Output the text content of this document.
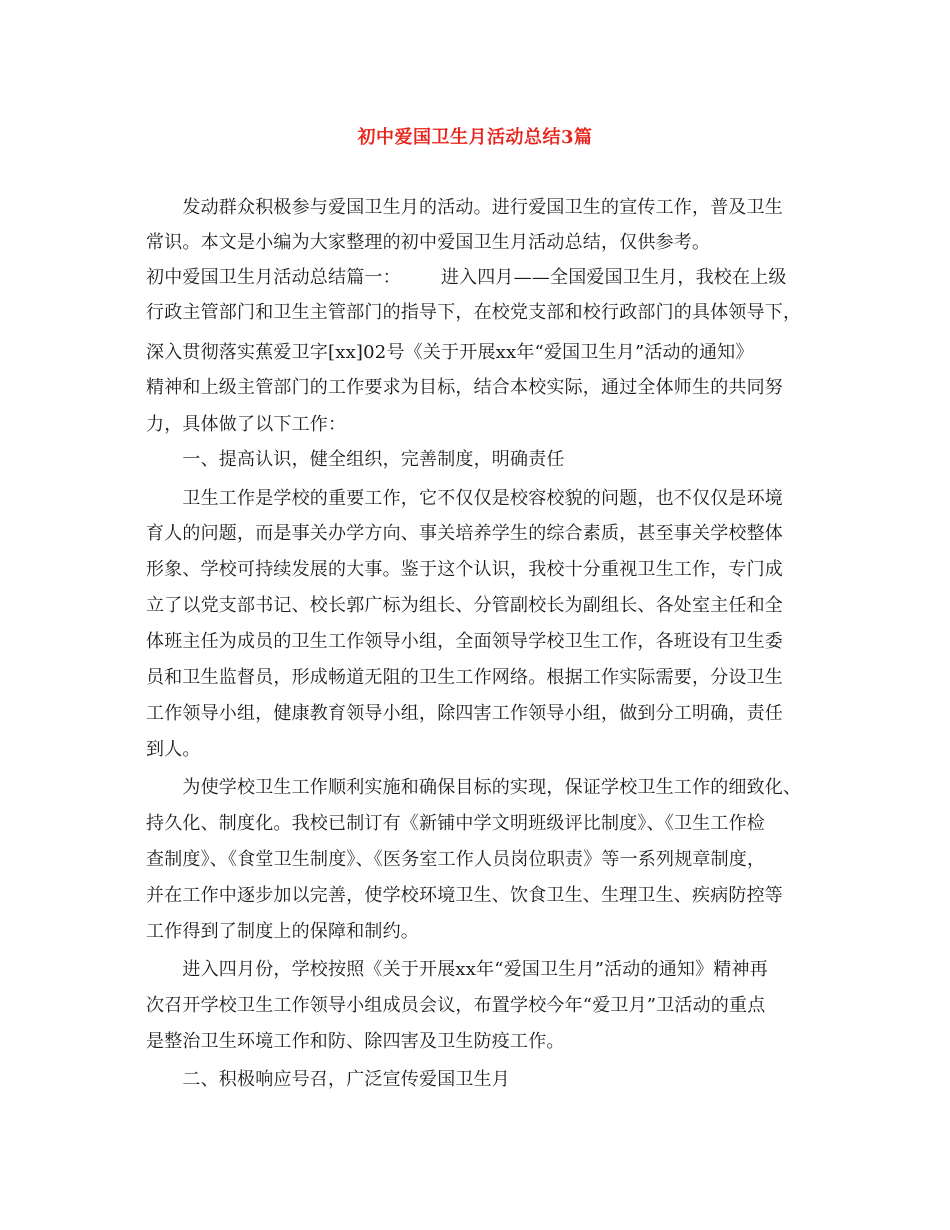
初中爱国卫生月活动总结3篇
　　发动群众积极参与爱国卫生月的活动。进行爱国卫生的宣传工作，普及卫生
常识。本文是小编为大家整理的初中爱国卫生月活动总结，仅供参考。
初中爱国卫生月活动总结篇一： 进入四月——全国爱国卫生月，我校在上级
行政主管部门和卫生主管部门的指导下，在校党支部和校行政部门的具体领导下，
深入贯彻落实蕉爱卫字[xx]02号《关于开展xx年“爱国卫生月”活动的通知》
精神和上级主管部门的工作要求为目标，结合本校实际，通过全体师生的共同努
力，具体做了以下工作：
　　一、提高认识，健全组织，完善制度，明确责任
　　卫生工作是学校的重要工作，它不仅仅是校容校貌的问题，也不仅仅是环境
育人的问题，而是事关办学方向、事关培养学生的综合素质，甚至事关学校整体
形象、学校可持续发展的大事。鉴于这个认识，我校十分重视卫生工作，专门成
立了以党支部书记、校长郭广标为组长、分管副校长为副组长、各处室主任和全
体班主任为成员的卫生工作领导小组，全面领导学校卫生工作，各班设有卫生委
员和卫生监督员，形成畅道无阻的卫生工作网络。根据工作实际需要，分设卫生
工作领导小组，健康教育领导小组，除四害工作领导小组，做到分工明确，责任
到人。
　　为使学校卫生工作顺利实施和确保目标的实现，保证学校卫生工作的细致化、
持久化、制度化。我校已制订有《新铺中学文明班级评比制度》、《卫生工作检
查制度》、《食堂卫生制度》、《医务室工作人员岗位职责》等一系列规章制度，
并在工作中逐步加以完善，使学校环境卫生、饮食卫生、生理卫生、疾病防控等
工作得到了制度上的保障和制约。
　　进入四月份，学校按照《关于开展xx年“爱国卫生月”活动的通知》精神再
次召开学校卫生工作领导小组成员会议，布置学校今年“爱卫月”卫活动的重点
是整治卫生环境工作和防、除四害及卫生防疫工作。
　　二、积极响应号召，广泛宣传爱国卫生月
